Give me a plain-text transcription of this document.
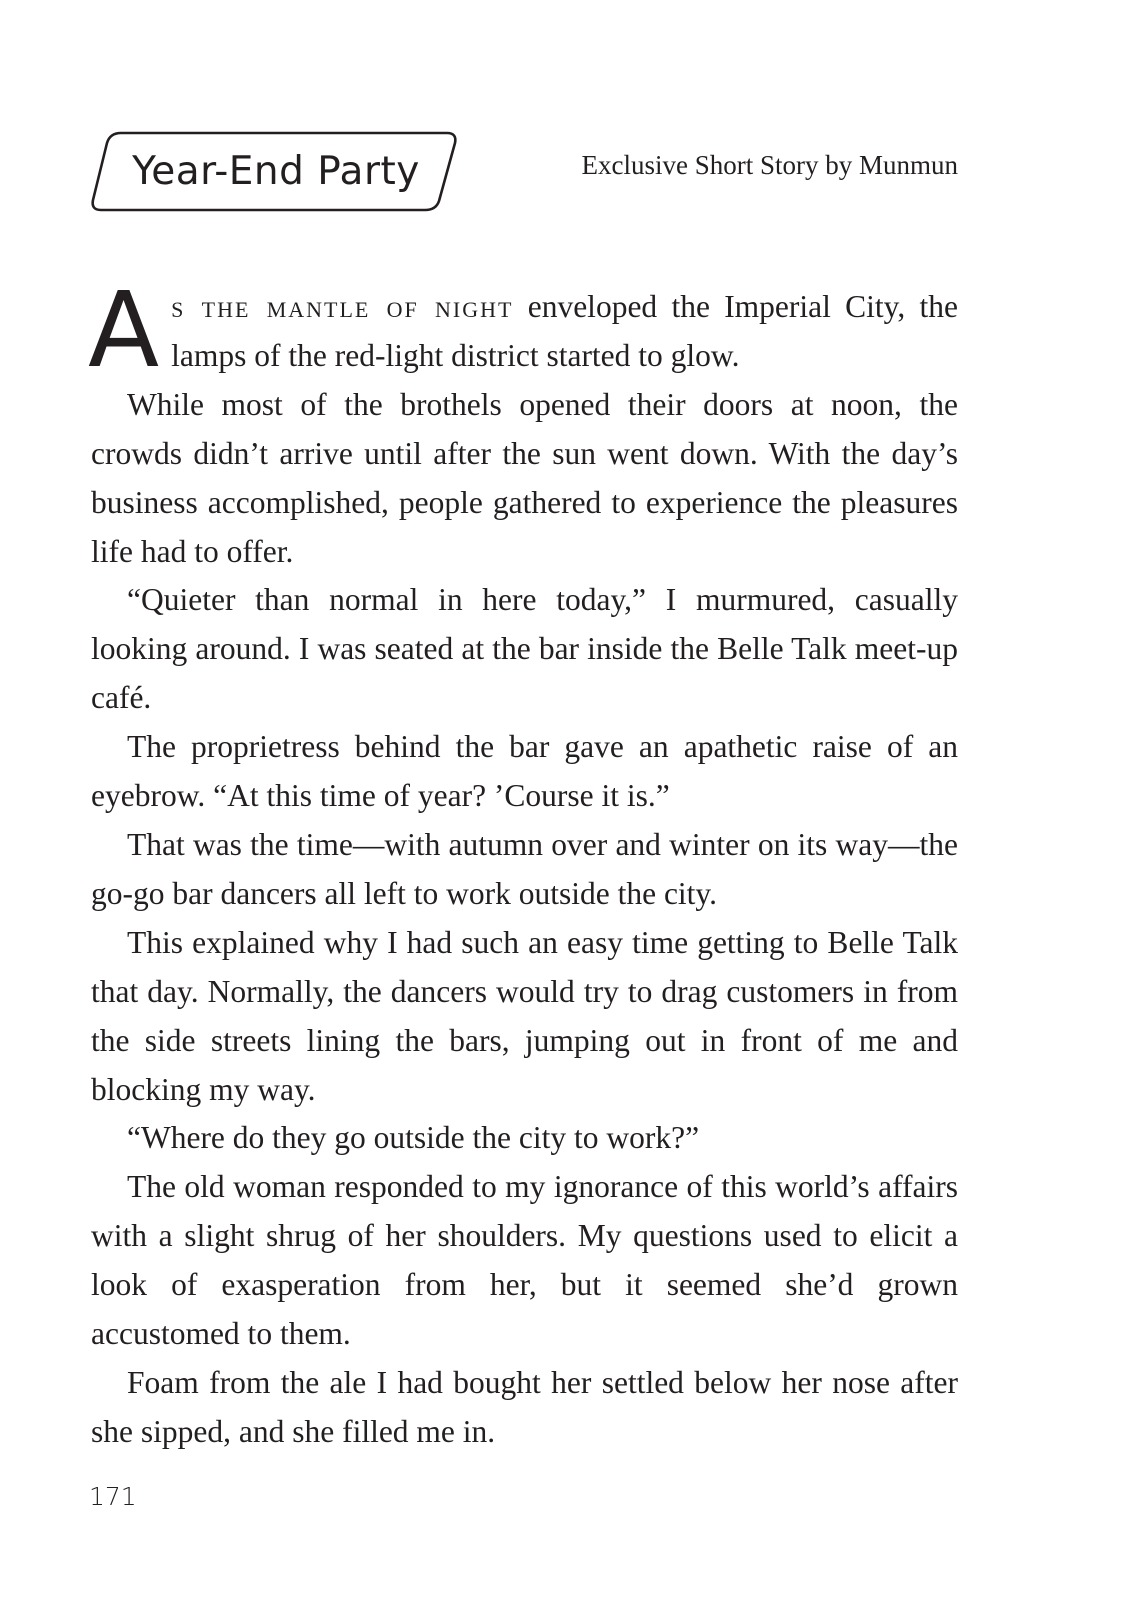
Year-End Party	Exclusive Short Story by Munmun

As the mantle of night enveloped the Imperial City, the lamps of the red-light district started to glow.

While most of the brothels opened their doors at noon, the crowds didn’t arrive until after the sun went down. With the day’s business accomplished, people gathered to experience the pleasures life had to offer.

“Quieter than normal in here today,” I murmured, casually looking around. I was seated at the bar inside the Belle Talk meet-up café.

The proprietress behind the bar gave an apathetic raise of an eyebrow. “At this time of year? ’Course it is.”

That was the time—with autumn over and winter on its way—the go-go bar dancers all left to work outside the city.

This explained why I had such an easy time getting to Belle Talk that day. Normally, the dancers would try to drag customers in from the side streets lining the bars, jumping out in front of me and blocking my way.

“Where do they go outside the city to work?”

The old woman responded to my ignorance of this world’s affairs with a slight shrug of her shoulders. My questions used to elicit a look of exasperation from her, but it seemed she’d grown accustomed to them.

Foam from the ale I had bought her settled below her nose after she sipped, and she filled me in.

171
